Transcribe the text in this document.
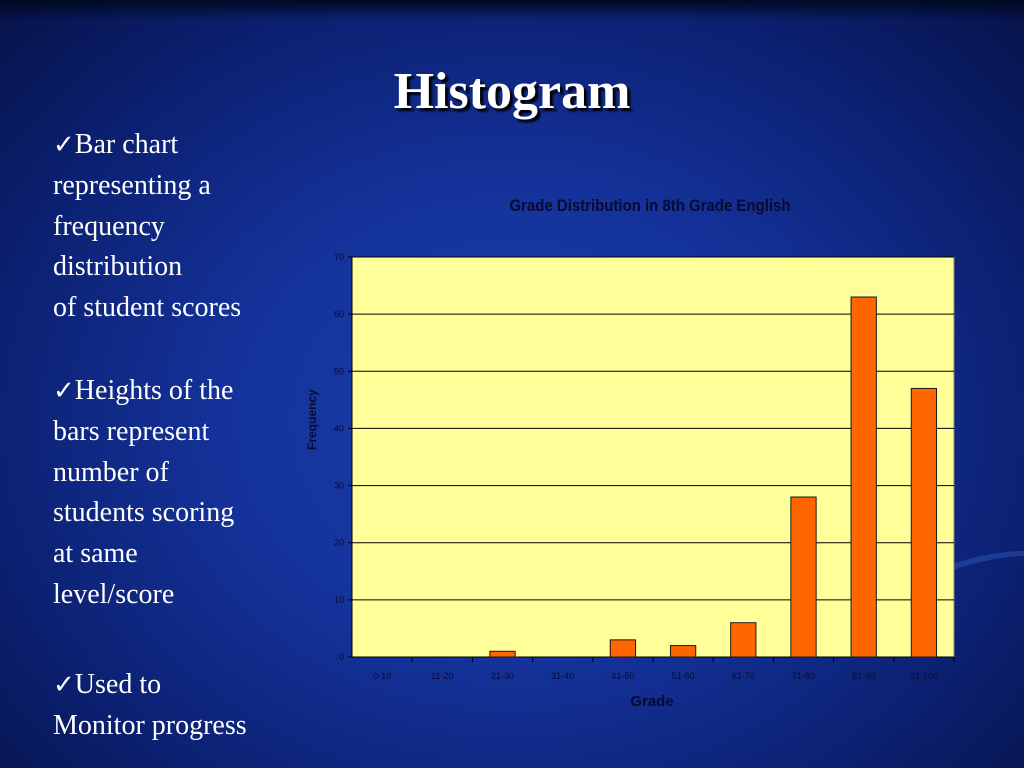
Histogram
✓Bar chart
representing a
frequency
distribution
of student scores
✓Heights of the
bars represent
number of
students scoring
at same
level/score
✓Used to
Monitor progress
Grade Distribution in 8th Grade English
0
10
20
30
40
50
60
70
0-10	11-20	21-30	31-40	41-50	51-60	61-70	71-80	81-90	91-100
Frequency
Grade
